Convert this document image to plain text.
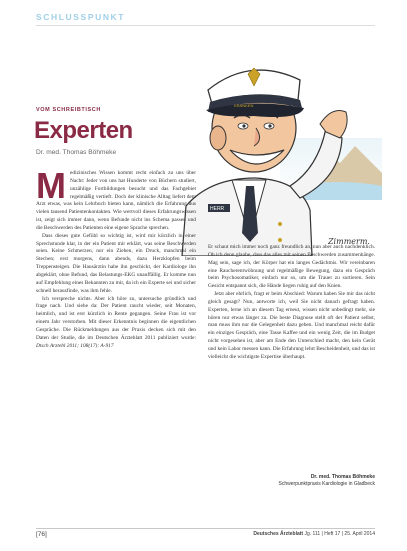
SCHLUSSPUNKT
HERR
KRANKEN
Zimmerm.
VOM SCHREIBTISCH
Experten
Dr. med. Thomas Böhmeke

Medizinisches Wissen kommt recht einfach zu uns über Nacht: Jeder von uns hat Hunderte von Büchern studiert, unzählige Fortbildungen besucht und das Fachgebiet regelmäßig vertieft. Doch der klinische Alltag liefert dem Arzt etwas, was kein Lehrbuch bieten kann, nämlich die Erfahrung aus vielen tausend Patientenkontakten. Wie wertvoll dieses Erfahrungswissen ist, zeigt sich immer dann, wenn Befunde nicht ins Schema passen und die Beschwerden des Patienten eine eigene Sprache sprechen.

Dass dieses gute Gefühl so wichtig ist, wird mir kürzlich in einer Sprechstunde klar, in der ein Patient mir erklärt, was seine Beschwerden seien. Keine Schmerzen, nur ein Ziehen, ein Druck, manchmal ein Stechen; erst morgens, dann abends, dazu Herzklopfen beim Treppensteigen. Die Hausärztin habe ihn geschickt, der Kardiologe ihn abgeklärt, ohne Befund, das Belastungs-EKG unauffällig. Er komme nun auf Empfehlung eines Bekannten zu mir, da ich ein Experte sei und sicher schnell herausfinde, was ihm fehle.

Ich verspreche nichts. Aber ich höre zu, untersuche gründlich und frage nach. Und siehe da: Der Patient raucht wieder, seit Monaten, heimlich, und ist erst kürzlich in Rente gegangen. Seine Frau ist vor einem Jahr verstorben. Mit dieser Erkenntnis beginnen die eigentlichen Gespräche. Die Rückmeldungen aus der Praxis decken sich mit den Daten der Studie, die im Deutschen Ärzteblatt 2011 publiziert wurde: Dtsch Arztebl 2011; 108(17): A-917

Er schaut mich immer noch ganz freundlich an, nun aber auch nachdenklich. Ob ich denn glaube, dass das alles mit seinen Beschwerden zusammenhänge. Mag sein, sage ich, der Körper hat ein langes Gedächtnis. Wir vereinbaren eine Raucherentwöhnung und regelmäßige Bewegung, dazu ein Gespräch beim Psychosomatiker, einfach nur so, um die Trauer zu sortieren. Sein Gesicht entspannt sich, die Hände liegen ruhig auf den Knien.

Jetzt aber ehrlich, fragt er beim Abschied: Warum haben Sie mir das nicht gleich gesagt? Nun, antworte ich, weil Sie nicht danach gefragt haben. Experten, lerne ich an diesem Tag erneut, wissen nicht unbedingt mehr, sie hören nur etwas länger zu. Die beste Diagnose stellt oft der Patient selbst, man muss ihm nur die Gelegenheit dazu geben. Und manchmal reicht dafür ein einziges Gespräch, eine Tasse Kaffee und ein wenig Zeit, die im Budget nicht vorgesehen ist, aber am Ende den Unterschied macht, den kein Gerät und kein Labor messen kann. Die Erfahrung lehrt Bescheidenheit, und das ist vielleicht die wichtigste Expertise überhaupt.

Dr. med. Thomas Böhmeke
Schwerpunktpraxis Kardiologie in Gladbeck
[76]	Deutsches Ärzteblatt Jg. 111 | Heft 17 | 25. April 2014
